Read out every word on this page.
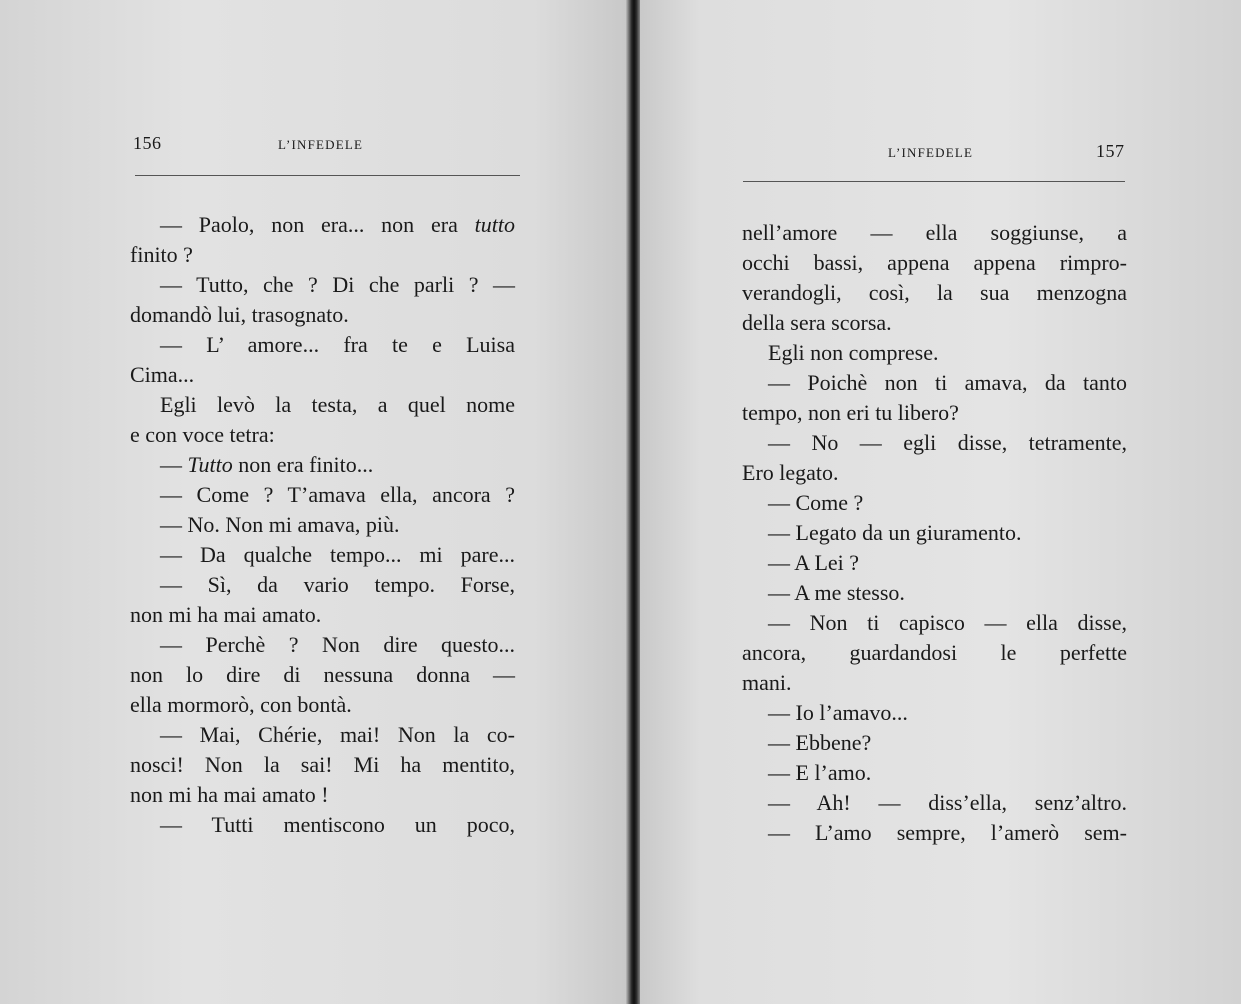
156	L’INFEDELE
— Paolo, non era... non era tutto
finito ?
— Tutto, che ? Di che parli ? —
domandò lui, trasognato.
— L’ amore... fra te e Luisa
Cima...
Egli levò la testa, a quel nome
e con voce tetra:
— Tutto non era finito...
— Come ? T’amava ella, ancora ?
— No. Non mi amava, più.
— Da qualche tempo... mi pare...
— Sì, da vario tempo. Forse,
non mi ha mai amato.
— Perchè ? Non dire questo...
non lo dire di nessuna donna —
ella mormorò, con bontà.
— Mai, Chérie, mai! Non la co-
nosci! Non la sai! Mi ha mentito,
non mi ha mai amato !
— Tutti mentiscono un poco,
L’INFEDELE	157
nell’amore — ella soggiunse, a
occhi bassi, appena appena rimpro-
verandogli, così, la sua menzogna
della sera scorsa.
Egli non comprese.
— Poichè non ti amava, da tanto
tempo, non eri tu libero?
— No — egli disse, tetramente,
Ero legato.
— Come ?
— Legato da un giuramento.
— A Lei ?
— A me stesso.
— Non ti capisco — ella disse,
ancora, guardandosi le perfette
mani.
— Io l’amavo...
— Ebbene?
— E l’amo.
— Ah! — diss’ella, senz’altro.
— L’amo sempre, l’amerò sem-
